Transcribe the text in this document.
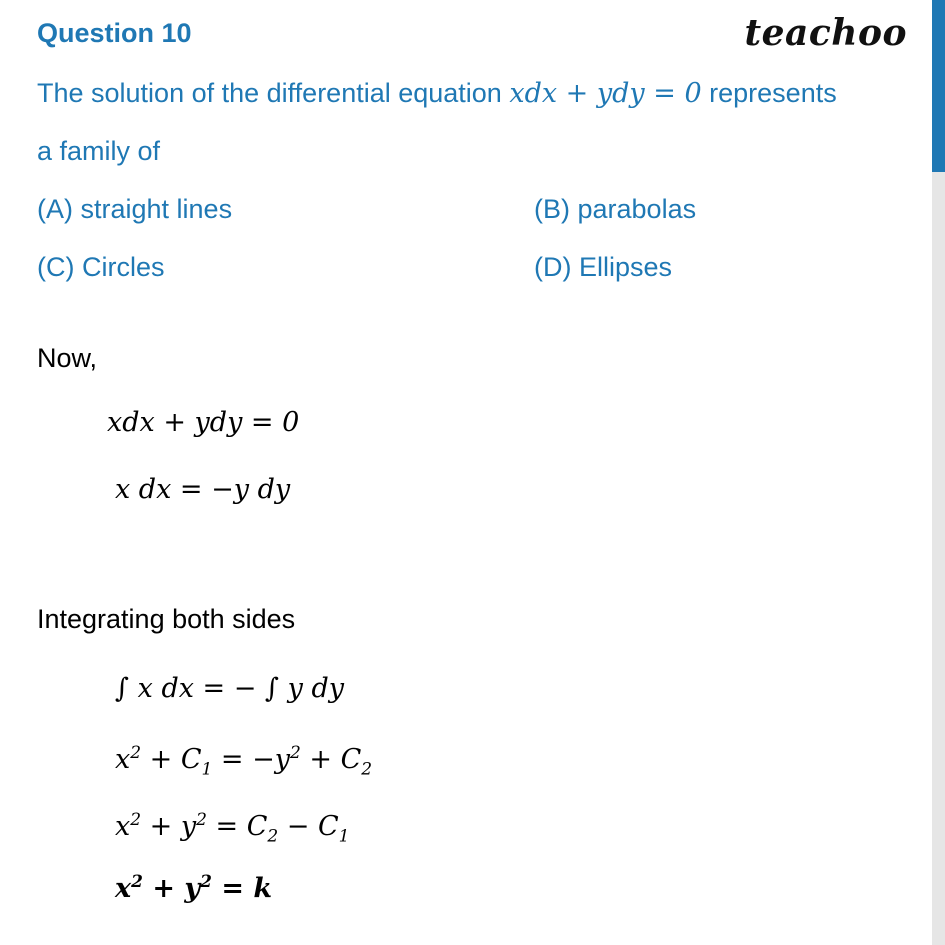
Question 10	teachoo
The solution of the differential equation xdx + ydy = 0 represents
a family of
(A) straight lines	(B) parabolas
(C) Circles	(D) Ellipses
Now,
xdx + ydy = 0
x dx = −y dy
Integrating both sides
∫ x dx = − ∫ y dy
$x^2 + C_1 = -y^2 + C_2$
$x^2 + y^2 = C_2 - C_1$
$x^2 + y^2 = k$
